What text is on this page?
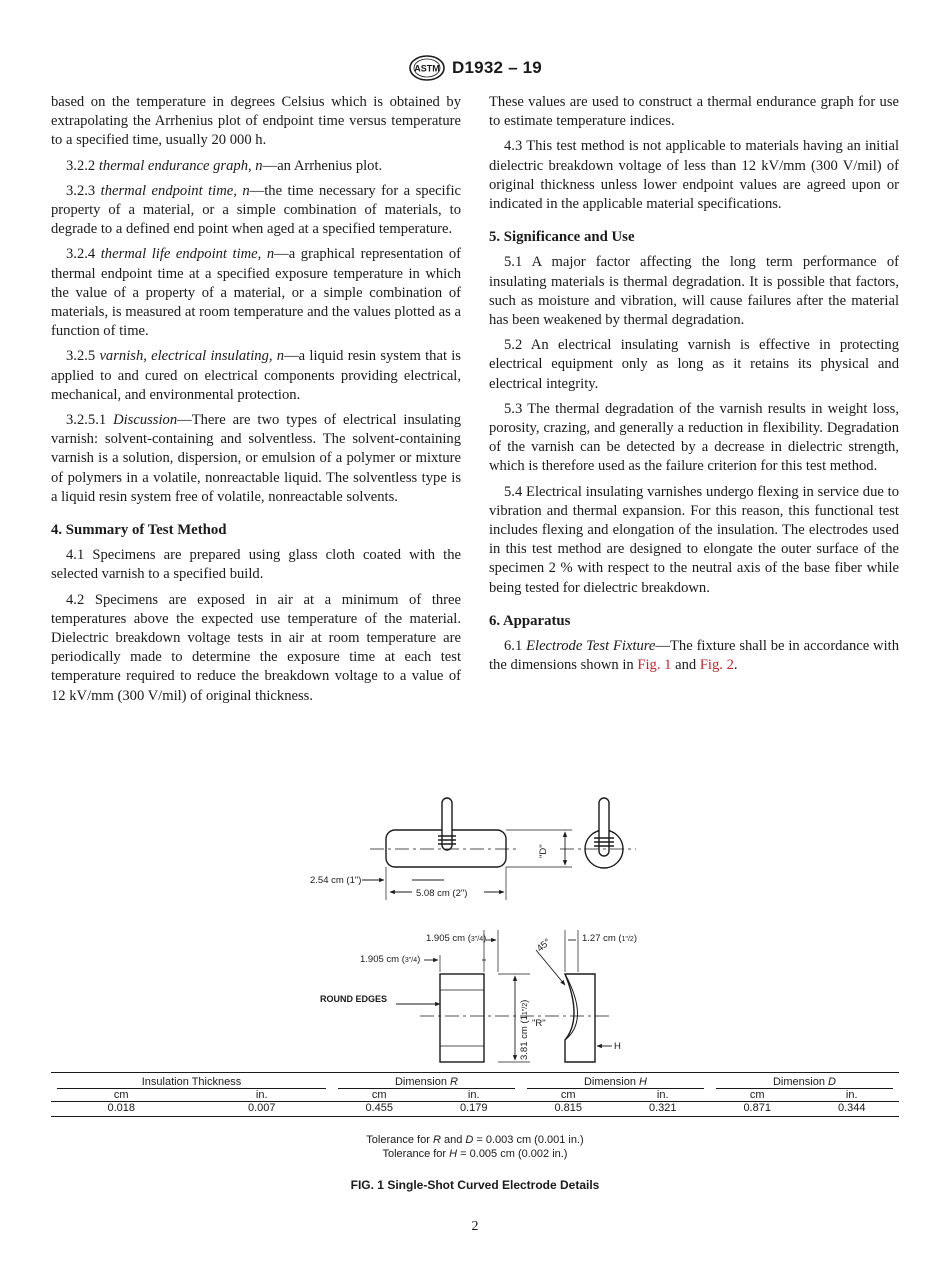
ASTM D1932 – 19

based on the temperature in degrees Celsius which is obtained by extrapolating the Arrhenius plot of endpoint time versus temperature to a specified time, usually 20 000 h.

3.2.2 thermal endurance graph, n—an Arrhenius plot.

3.2.3 thermal endpoint time, n—the time necessary for a specific property of a material, or a simple combination of materials, to degrade to a defined end point when aged at a specified temperature.

3.2.4 thermal life endpoint time, n—a graphical representation of thermal endpoint time at a specified exposure temperature in which the value of a property of a material, or a simple combination of materials, is measured at room temperature and the values plotted as a function of time.

3.2.5 varnish, electrical insulating, n—a liquid resin system that is applied to and cured on electrical components providing electrical, mechanical, and environmental protection.

3.2.5.1 Discussion—There are two types of electrical insulating varnish: solvent-containing and solventless. The solvent-containing varnish is a solution, dispersion, or emulsion of a polymer or mixture of polymers in a volatile, nonreactable liquid. The solventless type is a liquid resin system free of volatile, nonreactable solvents.

4. Summary of Test Method

4.1 Specimens are prepared using glass cloth coated with the selected varnish to a specified build.

4.2 Specimens are exposed in air at a minimum of three temperatures above the expected use temperature of the material. Dielectric breakdown voltage tests in air at room temperature are periodically made to determine the exposure time at each test temperature required to reduce the breakdown voltage to a value of 12 kV/mm (300 V/mil) of original thickness.

These values are used to construct a thermal endurance graph for use to estimate temperature indices.

4.3 This test method is not applicable to materials having an initial dielectric breakdown voltage of less than 12 kV/mm (300 V/mil) of original thickness unless lower endpoint values are agreed upon or indicated in the applicable material specifications.

5. Significance and Use

5.1 A major factor affecting the long term performance of insulating materials is thermal degradation. It is possible that factors, such as moisture and vibration, will cause failures after the material has been weakened by thermal degradation.

5.2 An electrical insulating varnish is effective in protecting electrical equipment only as long as it retains its physical and electrical integrity.

5.3 The thermal degradation of the varnish results in weight loss, porosity, crazing, and generally a reduction in flexibility. Degradation of the varnish can be detected by a decrease in dielectric strength, which is therefore used as the failure criterion for this test method.

5.4 Electrical insulating varnishes undergo flexing in service due to vibration and thermal expansion. For this reason, this functional test includes flexing and elongation of the insulation. The electrodes used in this test method are designed to elongate the outer surface of the specimen 2 % with respect to the neutral axis of the base fiber while being tested for dielectric breakdown.

6. Apparatus

6.1 Electrode Test Fixture—The fixture shall be in accordance with the dimensions shown in Fig. 1 and Fig. 2.

2.54 cm (1")
5.08 cm (2")
"D"
1.905 cm (3"/4)
1.905 cm (3"/4)
1.27 cm (1"/2)
45°
ROUND EDGES
3.81 cm (11"/2)
"R"
H
Insulation Thickness		Dimension R		Dimension H		Dimension D	

cm	in.	cm	in.	cm	in.	cm	in.
0.018	0.007	0.455	0.179	0.815	0.321	0.871	0.344
Tolerance for R and D = 0.003 cm (0.001 in.)
Tolerance for H = 0.005 cm (0.002 in.)
FIG. 1 Single-Shot Curved Electrode Details
2
